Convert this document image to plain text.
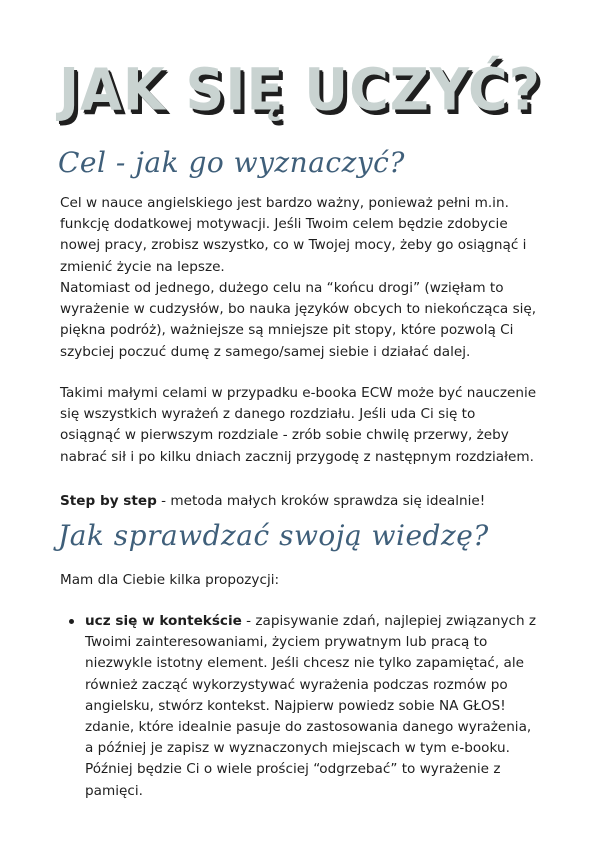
JAK SIĘ UCZYĆ?
Cel - jak go wyznaczyć?

Cel w nauce angielskiego jest bardzo ważny, ponieważ pełni m.in. funkcję dodatkowej motywacji. Jeśli Twoim celem będzie zdobycie nowej pracy, zrobisz wszystko, co w Twojej mocy, żeby go osiągnąć i zmienić życie na lepsze.

Natomiast od jednego, dużego celu na “końcu drogi” (wzięłam to wyrażenie w cudzysłów, bo nauka języków obcych to niekończąca się, piękna podróż), ważniejsze są mniejsze pit stopy, które pozwolą Ci szybciej poczuć dumę z samego/samej siebie i działać dalej.

Takimi małymi celami w przypadku e-booka ECW może być nauczenie się wszystkich wyrażeń z danego rozdziału. Jeśli uda Ci się to osiągnąć w pierwszym rozdziale - zrób sobie chwilę przerwy, żeby nabrać sił i po kilku dniach zacznij przygodę z następnym rozdziałem.

Step by step - metoda małych kroków sprawdza się idealnie!

Jak sprawdzać swoją wiedzę?

Mam dla Ciebie kilka propozycji:

ucz się w kontekście - zapisywanie zdań, najlepiej związanych z Twoimi zainteresowaniami, życiem prywatnym lub pracą to niezwykle istotny element. Jeśli chcesz nie tylko zapamiętać, ale również zacząć wykorzystywać wyrażenia podczas rozmów po angielsku, stwórz kontekst. Najpierw powiedz sobie NA GŁOS! zdanie, które idealnie pasuje do zastosowania danego wyrażenia, a później je zapisz w wyznaczonych miejscach w tym e-booku. Później będzie Ci o wiele prościej “odgrzebać” to wyrażenie z pamięci.
